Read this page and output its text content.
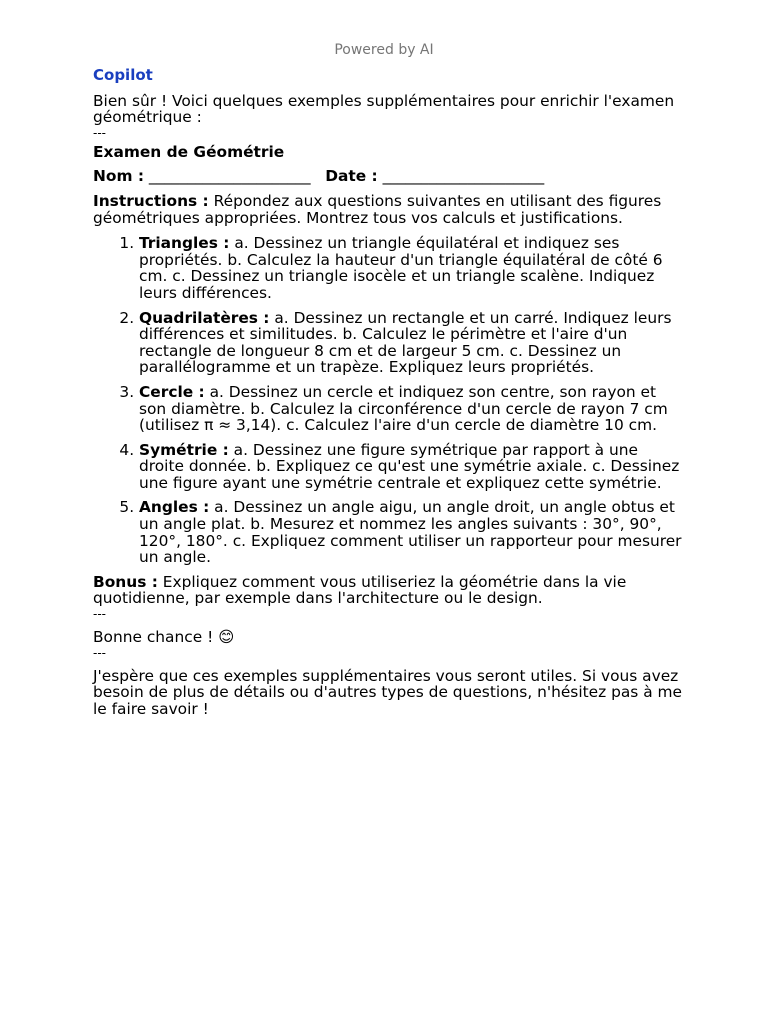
Powered by AI
Copilot

Bien sûr ! Voici quelques exemples supplémentaires pour enrichir l'examen géométrique :

---

Examen de Géométrie

Nom : _____________________   Date : _____________________

Instructions : Répondez aux questions suivantes en utilisant des figures géométriques appropriées. Montrez tous vos calculs et justifications.

1. Triangles : a. Dessinez un triangle équilatéral et indiquez ses propriétés. b. Calculez la hauteur d'un triangle équilatéral de côté 6 cm. c. Dessinez un triangle isocèle et un triangle scalène. Indiquez leurs différences.
2. Quadrilatères : a. Dessinez un rectangle et un carré. Indiquez leurs différences et similitudes. b. Calculez le périmètre et l'aire d'un rectangle de longueur 8 cm et de largeur 5 cm. c. Dessinez un parallélogramme et un trapèze. Expliquez leurs propriétés.
3. Cercle : a. Dessinez un cercle et indiquez son centre, son rayon et son diamètre. b. Calculez la circonférence d'un cercle de rayon 7 cm (utilisez π ≈ 3,14). c. Calculez l'aire d'un cercle de diamètre 10 cm.
4. Symétrie : a. Dessinez une figure symétrique par rapport à une droite donnée. b. Expliquez ce qu'est une symétrie axiale. c. Dessinez une figure ayant une symétrie centrale et expliquez cette symétrie.
5. Angles : a. Dessinez un angle aigu, un angle droit, un angle obtus et un angle plat. b. Mesurez et nommez les angles suivants : 30°, 90°, 120°, 180°. c. Expliquez comment utiliser un rapporteur pour mesurer un angle.

Bonus : Expliquez comment vous utiliseriez la géométrie dans la vie quotidienne, par exemple dans l'architecture ou le design.

---

Bonne chance ! 😊

---

J'espère que ces exemples supplémentaires vous seront utiles. Si vous avez besoin de plus de détails ou d'autres types de questions, n'hésitez pas à me le faire savoir !
